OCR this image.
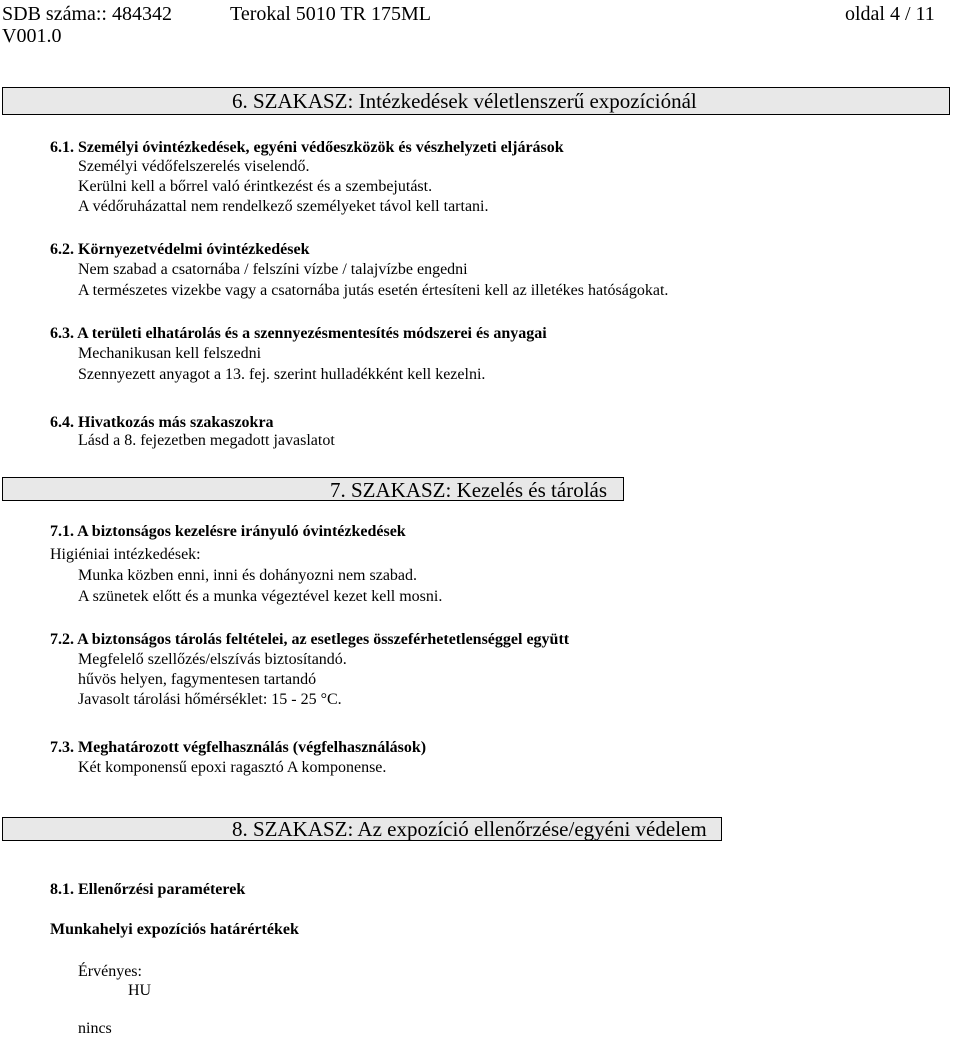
SDB száma:: 484342
V001.0
Terokal 5010 TR 175ML	oldal 4 / 11
6. SZAKASZ: Intézkedések véletlenszerű expozíciónál
6.1. Személyi óvintézkedések, egyéni védőeszközök és vészhelyzeti eljárások
Személyi védőfelszerelés viselendő.
Kerülni kell a bőrrel való érintkezést és a szembejutást.
A védőruházattal nem rendelkező személyeket távol kell tartani.
6.2. Környezetvédelmi óvintézkedések
Nem szabad a csatornába / felszíni vízbe / talajvízbe engedni
A természetes vizekbe vagy a csatornába jutás esetén értesíteni kell az illetékes hatóságokat.
6.3. A területi elhatárolás és a szennyezésmentesítés módszerei és anyagai
Mechanikusan kell felszedni
Szennyezett anyagot a 13. fej. szerint hulladékként kell kezelni.
6.4. Hivatkozás más szakaszokra
Lásd a 8. fejezetben megadott javaslatot
7. SZAKASZ: Kezelés és tárolás
7.1. A biztonságos kezelésre irányuló óvintézkedések
Higiéniai intézkedések:
Munka közben enni, inni és dohányozni nem szabad.
A szünetek előtt és a munka végeztével kezet kell mosni.
7.2. A biztonságos tárolás feltételei, az esetleges összeférhetetlenséggel együtt
Megfelelő szellőzés/elszívás biztosítandó.
hűvös helyen, fagymentesen tartandó
Javasolt tárolási hőmérséklet: 15 - 25 °C.
7.3. Meghatározott végfelhasználás (végfelhasználások)
Két komponensű epoxi ragasztó A komponense.
8. SZAKASZ: Az expozíció ellenőrzése/egyéni védelem
8.1. Ellenőrzési paraméterek
Munkahelyi expozíciós határértékek
Érvényes:
HU
nincs
